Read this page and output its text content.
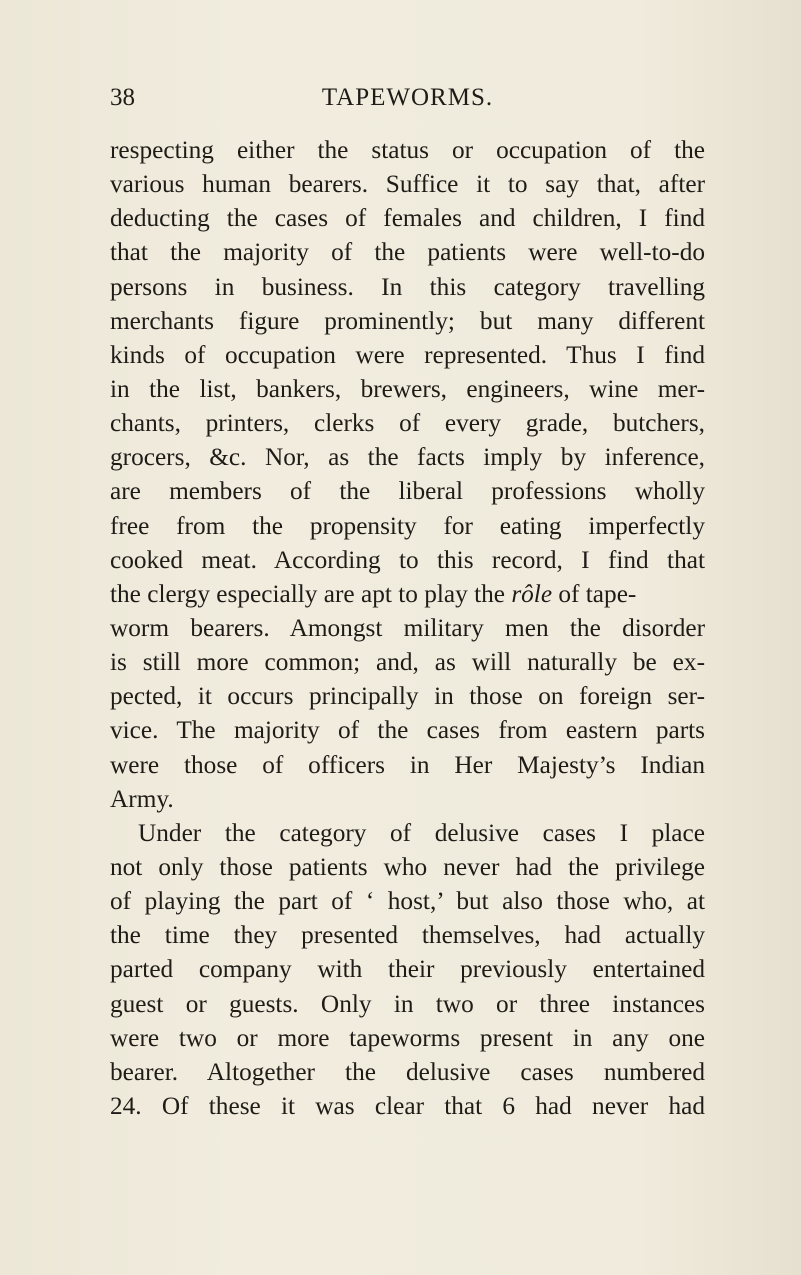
38	TAPEWORMS.
respecting either the status or occupation of the
various human bearers. Suffice it to say that, after
deducting the cases of females and children, I find
that the majority of the patients were well-to-do
persons in business. In this category travelling
merchants figure prominently; but many different
kinds of occupation were represented. Thus I find
in the list, bankers, brewers, engineers, wine mer-
chants, printers, clerks of every grade, butchers,
grocers, &c. Nor, as the facts imply by inference,
are members of the liberal professions wholly
free from the propensity for eating imperfectly
cooked meat. According to this record, I find that
the clergy especially are apt to play the rôle of tape-
worm bearers. Amongst military men the disorder
is still more common; and, as will naturally be ex-
pected, it occurs principally in those on foreign ser-
vice. The majority of the cases from eastern parts
were those of officers in Her Majesty’s Indian
Army.
Under the category of delusive cases I place
not only those patients who never had the privilege
of playing the part of ‘ host,’ but also those who, at
the time they presented themselves, had actually
parted company with their previously entertained
guest or guests. Only in two or three instances
were two or more tapeworms present in any one
bearer. Altogether the delusive cases numbered
24. Of these it was clear that 6 had never had
